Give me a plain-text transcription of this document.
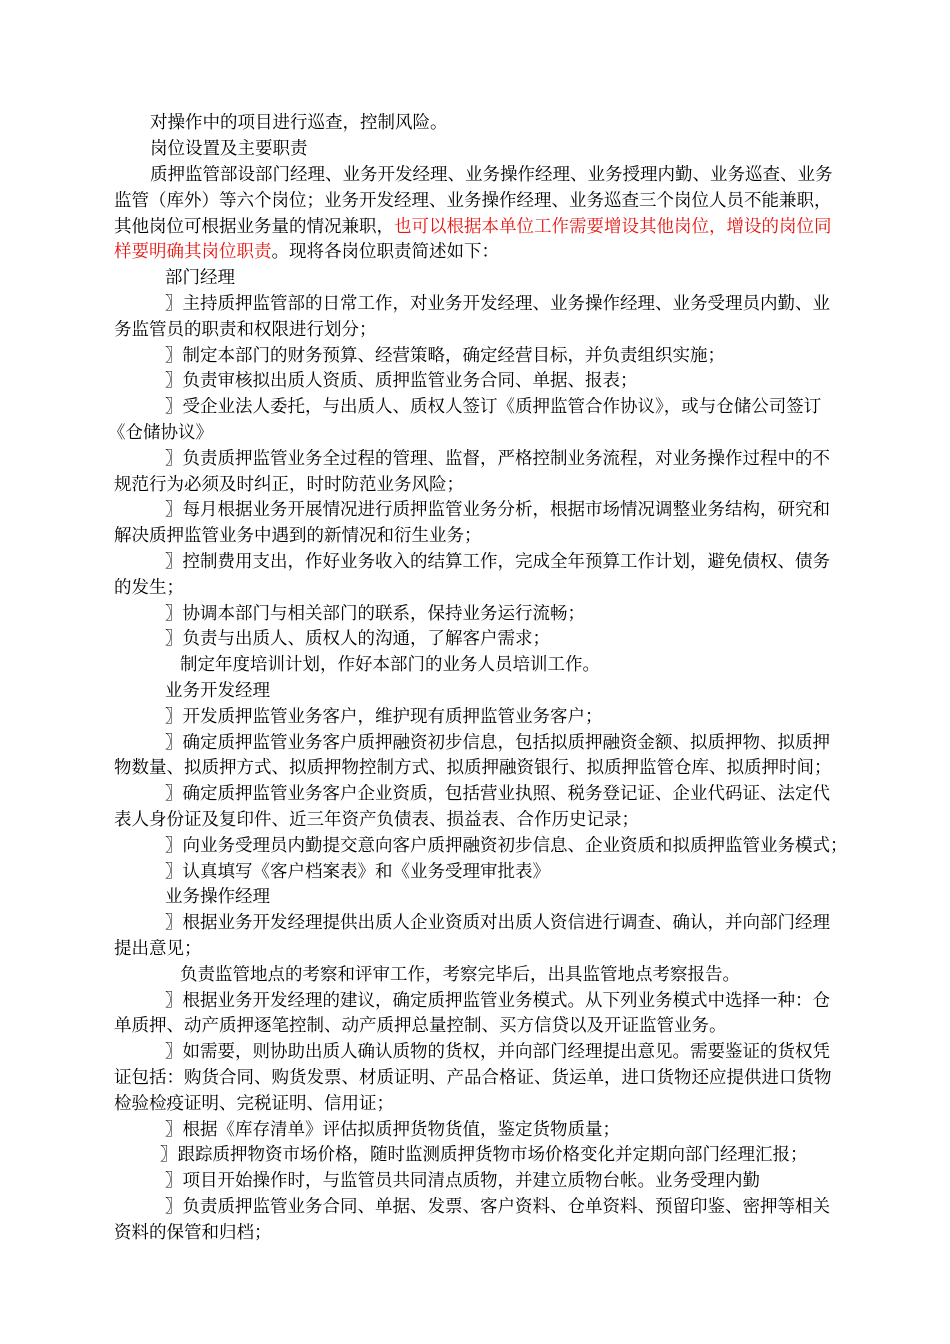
对操作中的项目进行巡查，控制风险。
岗位设置及主要职责
质押监管部设部门经理、业务开发经理、业务操作经理、业务授理内勤、业务巡查、业务
监管（库外）等六个岗位；业务开发经理、业务操作经理、业务巡查三个岗位人员不能兼职，
其他岗位可根据业务量的情况兼职，也可以根据本单位工作需要增设其他岗位，增设的岗位同
样要明确其岗位职责。现将各岗位职责简述如下：
部门经理
〗主持质押监管部的日常工作，对业务开发经理、业务操作经理、业务受理员内勤、业
务监管员的职责和权限进行划分；
〗制定本部门的财务预算、经营策略，确定经营目标，并负责组织实施；
〗负责审核拟出质人资质、质押监管业务合同、单据、报表；
〗受企业法人委托，与出质人、质权人签订《质押监管合作协议》，或与仓储公司签订
《仓储协议》
〗负责质押监管业务全过程的管理、监督，严格控制业务流程，对业务操作过程中的不
规范行为必须及时纠正，时时防范业务风险；
〗每月根据业务开展情况进行质押监管业务分析，根据市场情况调整业务结构，研究和
解决质押监管业务中遇到的新情况和衍生业务；
〗控制费用支出，作好业务收入的结算工作，完成全年预算工作计划，避免债权、债务
的发生；
〗协调本部门与相关部门的联系，保持业务运行流畅；
〗负责与出质人、质权人的沟通，了解客户需求；
制定年度培训计划，作好本部门的业务人员培训工作。
业务开发经理
〗开发质押监管业务客户，维护现有质押监管业务客户；
〗确定质押监管业务客户质押融资初步信息，包括拟质押融资金额、拟质押物、拟质押
物数量、拟质押方式、拟质押物控制方式、拟质押融资银行、拟质押监管仓库、拟质押时间；
〗确定质押监管业务客户企业资质，包括营业执照、税务登记证、企业代码证、法定代
表人身份证及复印件、近三年资产负债表、损益表、合作历史记录；
〗向业务受理员内勤提交意向客户质押融资初步信息、企业资质和拟质押监管业务模式；
〗认真填写《客户档案表》和《业务受理审批表》
业务操作经理
〗根据业务开发经理提供出质人企业资质对出质人资信进行调查、确认，并向部门经理
提出意见；
负责监管地点的考察和评审工作，考察完毕后，出具监管地点考察报告。
〗根据业务开发经理的建议，确定质押监管业务模式。从下列业务模式中选择一种：仓
单质押、动产质押逐笔控制、动产质押总量控制、买方信贷以及开证监管业务。
〗如需要，则协助出质人确认质物的货权，并向部门经理提出意见。需要鉴证的货权凭
证包括：购货合同、购货发票、材质证明、产品合格证、货运单，进口货物还应提供进口货物
检验检疫证明、完税证明、信用证；
〗根据《库存清单》评估拟质押货物货值，鉴定货物质量；
〗跟踪质押物资市场价格，随时监测质押货物市场价格变化并定期向部门经理汇报；
〗项目开始操作时，与监管员共同清点质物，并建立质物台帐。业务受理内勤
〗负责质押监管业务合同、单据、发票、客户资料、仓单资料、预留印鉴、密押等相关
资料的保管和归档；
